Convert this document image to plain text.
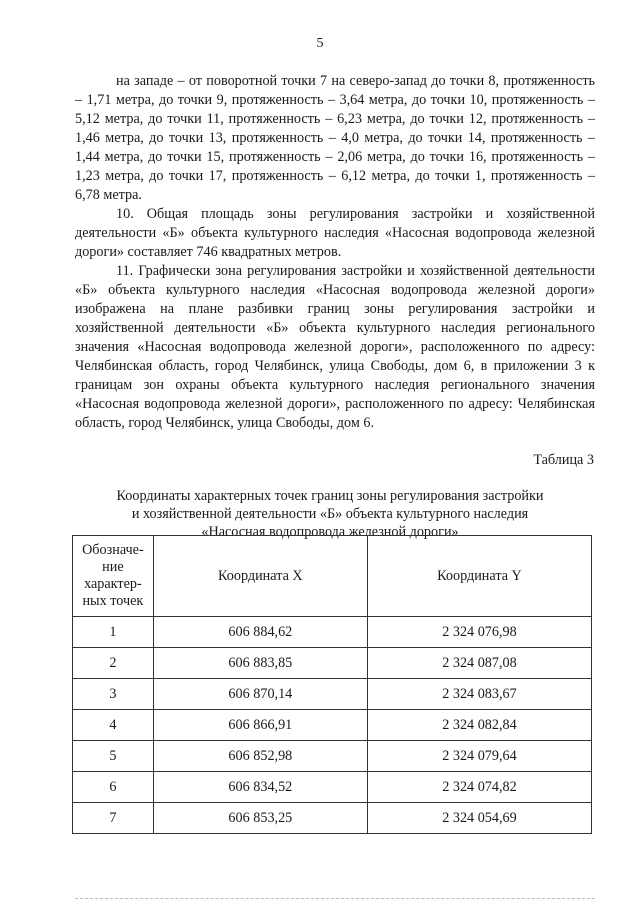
5

на западе – от поворотной точки 7 на северо-запад до точки 8, протяженность – 1,71 метра, до точки 9, протяженность – 3,64 метра, до точки 10, протяженность – 5,12 метра, до точки 11, протяженность – 6,23 метра, до точки 12, протяженность – 1,46 метра, до точки 13, протяженность – 4,0 метра, до точки 14, протяженность – 1,44 метра, до точки 15, протяженность – 2,06 метра, до точки 16, протяженность – 1,23 метра, до точки 17, протяженность – 6,12 метра, до точки 1, протяженность – 6,78 метра.

10. Общая площадь зоны регулирования застройки и хозяйственной деятельности «Б» объекта культурного наследия «Насосная водопровода железной дороги» составляет 746 квадратных метров.

11. Графически зона регулирования застройки и хозяйственной деятельности «Б» объекта культурного наследия «Насосная водопровода железной дороги» изображена на плане разбивки границ зоны регулирования застройки и хозяйственной деятельности «Б» объекта культурного наследия регионального значения «Насосная водопровода железной дороги», расположенного по адресу: Челябинская область, город Челябинск, улица Свободы, дом 6, в приложении 3 к границам зон охраны объекта культурного наследия регионального значения «Насосная водопровода железной дороги», расположенного по адресу: Челябинская область, город Челябинск, улица Свободы, дом 6.

Таблица 3
Координаты характерных точек границ зоны регулирования застройки
и хозяйственной деятельности «Б» объекта культурного наследия
«Насосная водопровода железной дороги»
Обозначе-
ние
характер-
ных точек	Координата X	Координата Y
1	606 884,62	2 324 076,98
2	606 883,85	2 324 087,08
3	606 870,14	2 324 083,67
4	606 866,91	2 324 082,84
5	606 852,98	2 324 079,64
6	606 834,52	2 324 074,82
7	606 853,25	2 324 054,69
